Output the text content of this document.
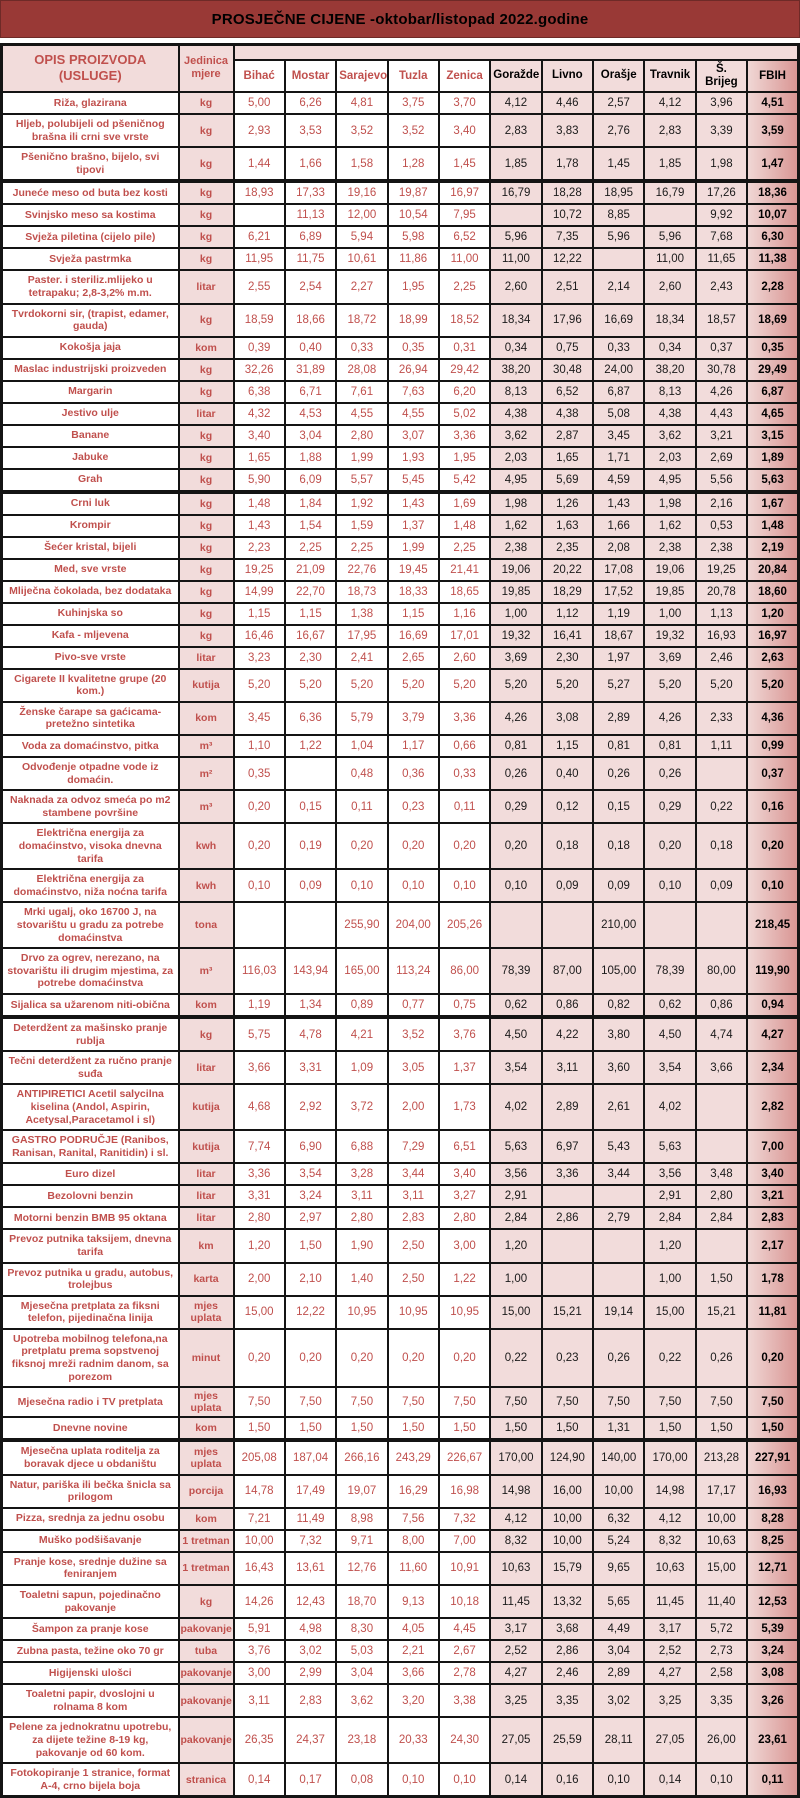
PROSJEČNE CIJENE -oktobar/listopad 2022.godine
OPIS PROIZVODA (USLUGE)	Jedinica mjere											
		Bihać	Mostar	Sarajevo	Tuzla	Zenica	Goražde	Livno	Orašje	Travnik	Š. Brijeg	FBIH
Riža, glazirana	kg	5,00	6,26	4,81	3,75	3,70	4,12	4,46	2,57	4,12	3,96	4,51
Hljeb, polubijeli od pšeničnog brašna ili crni sve vrste	kg	2,93	3,53	3,52	3,52	3,40	2,83	3,83	2,76	2,83	3,39	3,59
Pšenično brašno, bijelo, svi tipovi	kg	1,44	1,66	1,58	1,28	1,45	1,85	1,78	1,45	1,85	1,98	1,47
Juneće meso od buta bez kosti	kg	18,93	17,33	19,16	19,87	16,97	16,79	18,28	18,95	16,79	17,26	18,36
Svinjsko meso sa kostima	kg		11,13	12,00	10,54	7,95		10,72	8,85		9,92	10,07
Svježa piletina (cijelo pile)	kg	6,21	6,89	5,94	5,98	6,52	5,96	7,35	5,96	5,96	7,68	6,30
Svježa pastrmka	kg	11,95	11,75	10,61	11,86	11,00	11,00	12,22		11,00	11,65	11,38
Paster. i steriliz.mlijeko u tetrapaku; 2,8-3,2% m.m.	litar	2,55	2,54	2,27	1,95	2,25	2,60	2,51	2,14	2,60	2,43	2,28
Tvrdokorni sir, (trapist, edamer, gauda)	kg	18,59	18,66	18,72	18,99	18,52	18,34	17,96	16,69	18,34	18,57	18,69
Kokošja jaja	kom	0,39	0,40	0,33	0,35	0,31	0,34	0,75	0,33	0,34	0,37	0,35
Maslac industrijski proizveden	kg	32,26	31,89	28,08	26,94	29,42	38,20	30,48	24,00	38,20	30,78	29,49
Margarin	kg	6,38	6,71	7,61	7,63	6,20	8,13	6,52	6,87	8,13	4,26	6,87
Jestivo ulje	litar	4,32	4,53	4,55	4,55	5,02	4,38	4,38	5,08	4,38	4,43	4,65
Banane	kg	3,40	3,04	2,80	3,07	3,36	3,62	2,87	3,45	3,62	3,21	3,15
Jabuke	kg	1,65	1,88	1,99	1,93	1,95	2,03	1,65	1,71	2,03	2,69	1,89
Grah	kg	5,90	6,09	5,57	5,45	5,42	4,95	5,69	4,59	4,95	5,56	5,63
Crni luk	kg	1,48	1,84	1,92	1,43	1,69	1,98	1,26	1,43	1,98	2,16	1,67
Krompir	kg	1,43	1,54	1,59	1,37	1,48	1,62	1,63	1,66	1,62	0,53	1,48
Šećer kristal, bijeli	kg	2,23	2,25	2,25	1,99	2,25	2,38	2,35	2,08	2,38	2,38	2,19
Med, sve vrste	kg	19,25	21,09	22,76	19,45	21,41	19,06	20,22	17,08	19,06	19,25	20,84
Mliječna čokolada, bez dodataka	kg	14,99	22,70	18,73	18,33	18,65	19,85	18,29	17,52	19,85	20,78	18,60
Kuhinjska so	kg	1,15	1,15	1,38	1,15	1,16	1,00	1,12	1,19	1,00	1,13	1,20
Kafa - mljevena	kg	16,46	16,67	17,95	16,69	17,01	19,32	16,41	18,67	19,32	16,93	16,97
Pivo-sve vrste	litar	3,23	2,30	2,41	2,65	2,60	3,69	2,30	1,97	3,69	2,46	2,63
Cigarete II kvalitetne grupe (20 kom.)	kutija	5,20	5,20	5,20	5,20	5,20	5,20	5,20	5,27	5,20	5,20	5,20
Ženske čarape sa gaćicama- pretežno sintetika	kom	3,45	6,36	5,79	3,79	3,36	4,26	3,08	2,89	4,26	2,33	4,36
Voda za domaćinstvo, pitka	m³	1,10	1,22	1,04	1,17	0,66	0,81	1,15	0,81	0,81	1,11	0,99
Odvođenje otpadne vode iz domaćin.	m²	0,35		0,48	0,36	0,33	0,26	0,40	0,26	0,26		0,37
Naknada za odvoz smeća po m2 stambene površine	m³	0,20	0,15	0,11	0,23	0,11	0,29	0,12	0,15	0,29	0,22	0,16
Električna energija za domaćinstvo, visoka dnevna tarifa	kwh	0,20	0,19	0,20	0,20	0,20	0,20	0,18	0,18	0,20	0,18	0,20
Električna energija za domaćinstvo, niža noćna tarifa	kwh	0,10	0,09	0,10	0,10	0,10	0,10	0,09	0,09	0,10	0,09	0,10
Mrki ugalj, oko 16700 J, na stovarištu u gradu za potrebe domaćinstva	tona			255,90	204,00	205,26			210,00			218,45
Drvo za ogrev, nerezano, na stovarištu ili drugim mjestima, za potrebe domaćinstva	m³	116,03	143,94	165,00	113,24	86,00	78,39	87,00	105,00	78,39	80,00	119,90
Sijalica sa užarenom niti-obična	kom	1,19	1,34	0,89	0,77	0,75	0,62	0,86	0,82	0,62	0,86	0,94
Deterdžent za mašinsko pranje rublja	kg	5,75	4,78	4,21	3,52	3,76	4,50	4,22	3,80	4,50	4,74	4,27
Tečni deterdžent za ručno pranje suđa	litar	3,66	3,31	1,09	3,05	1,37	3,54	3,11	3,60	3,54	3,66	2,34
ANTIPIRETICI Acetil salycilna kiselina (Andol, Aspirin, Acetysal,Paracetamol i sl)	kutija	4,68	2,92	3,72	2,00	1,73	4,02	2,89	2,61	4,02		2,82
GASTRO PODRUČJE (Ranibos, Ranisan, Ranital, Ranitidin) i sl.	kutija	7,74	6,90	6,88	7,29	6,51	5,63	6,97	5,43	5,63		7,00
Euro dizel	litar	3,36	3,54	3,28	3,44	3,40	3,56	3,36	3,44	3,56	3,48	3,40
Bezolovni benzin	litar	3,31	3,24	3,11	3,11	3,27	2,91			2,91	2,80	3,21
Motorni benzin BMB 95 oktana	litar	2,80	2,97	2,80	2,83	2,80	2,84	2,86	2,79	2,84	2,84	2,83
Prevoz putnika taksijem, dnevna tarifa	km	1,20	1,50	1,90	2,50	3,00	1,20			1,20		2,17
Prevoz putnika u gradu, autobus, trolejbus	karta	2,00	2,10	1,40	2,50	1,22	1,00			1,00	1,50	1,78
Mjesečna pretplata za fiksni telefon, pijedinačna linija	mjes uplata	15,00	12,22	10,95	10,95	10,95	15,00	15,21	19,14	15,00	15,21	11,81
Upotreba mobilnog telefona,na pretplatu prema sopstvenoj fiksnoj mreži radnim danom, sa porezom	minut	0,20	0,20	0,20	0,20	0,20	0,22	0,23	0,26	0,22	0,26	0,20
Mjesečna radio i TV pretplata	mjes uplata	7,50	7,50	7,50	7,50	7,50	7,50	7,50	7,50	7,50	7,50	7,50
Dnevne novine	kom	1,50	1,50	1,50	1,50	1,50	1,50	1,50	1,31	1,50	1,50	1,50
Mjesečna uplata roditelja za boravak djece u obdaništu	mjes uplata	205,08	187,04	266,16	243,29	226,67	170,00	124,90	140,00	170,00	213,28	227,91
Natur, pariška ili bečka šnicla sa prilogom	porcija	14,78	17,49	19,07	16,29	16,98	14,98	16,00	10,00	14,98	17,17	16,93
Pizza, srednja za jednu osobu	kom	7,21	11,49	8,98	7,56	7,32	4,12	10,00	6,32	4,12	10,00	8,28
Muško podšišavanje	1 tretman	10,00	7,32	9,71	8,00	7,00	8,32	10,00	5,24	8,32	10,63	8,25
Pranje kose, srednje dužine sa feniranjem	1 tretman	16,43	13,61	12,76	11,60	10,91	10,63	15,79	9,65	10,63	15,00	12,71
Toaletni sapun, pojedinačno pakovanje	kg	14,26	12,43	18,70	9,13	10,18	11,45	13,32	5,65	11,45	11,40	12,53
Šampon za pranje kose	pakovanje	5,91	4,98	8,30	4,05	4,45	3,17	3,68	4,49	3,17	5,72	5,39
Zubna pasta, težine oko 70 gr	tuba	3,76	3,02	5,03	2,21	2,67	2,52	2,86	3,04	2,52	2,73	3,24
Higijenski ulošci	pakovanje	3,00	2,99	3,04	3,66	2,78	4,27	2,46	2,89	4,27	2,58	3,08
Toaletni papir, dvoslojni u rolnama 8 kom	pakovanje	3,11	2,83	3,62	3,20	3,38	3,25	3,35	3,02	3,25	3,35	3,26
Pelene za jednokratnu upotrebu, za dijete težine 8-19 kg, pakovanje od 60 kom.	pakovanje	26,35	24,37	23,18	20,33	24,30	27,05	25,59	28,11	27,05	26,00	23,61
Fotokopiranje 1 stranice, format A-4, crno bijela boja	stranica	0,14	0,17	0,08	0,10	0,10	0,14	0,16	0,10	0,14	0,10	0,11
